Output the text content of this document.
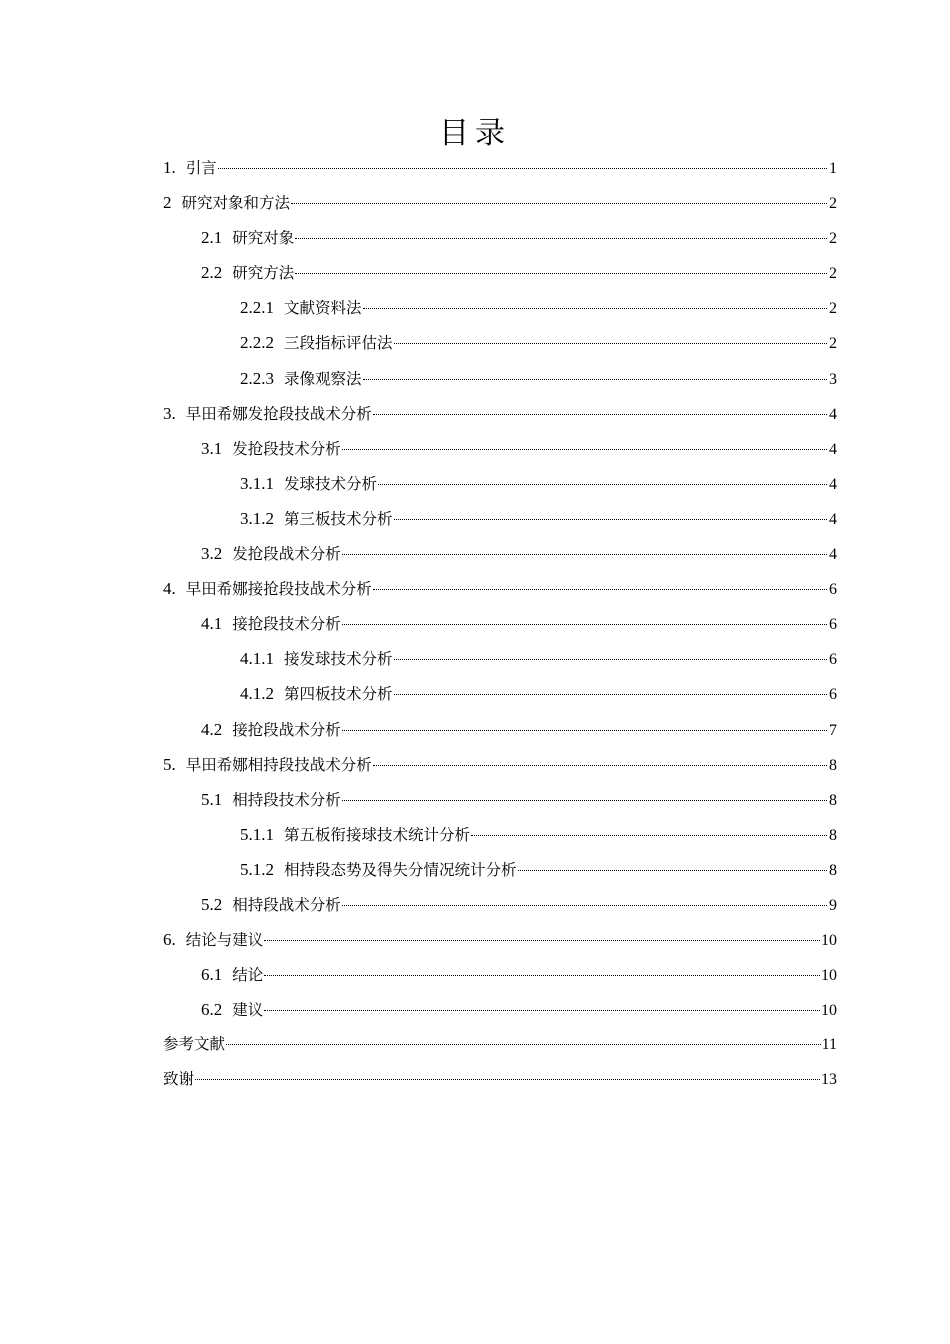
目录
1. 引言	1
2 研究对象和方法	2
2.1 研究对象	2
2.2 研究方法	2
2.2.1 文献资料法	2
2.2.2 三段指标评估法	2
2.2.3 录像观察法	3
3. 早田希娜发抢段技战术分析	4
3.1 发抢段技术分析	4
3.1.1 发球技术分析	4
3.1.2 第三板技术分析	4
3.2 发抢段战术分析	4
4. 早田希娜接抢段技战术分析	6
4.1 接抢段技术分析	6
4.1.1 接发球技术分析	6
4.1.2 第四板技术分析	6
4.2 接抢段战术分析	7
5. 早田希娜相持段技战术分析	8
5.1 相持段技术分析	8
5.1.1 第五板衔接球技术统计分析	8
5.1.2 相持段态势及得失分情况统计分析	8
5.2 相持段战术分析	9
6. 结论与建议	10
6.1 结论	10
6.2 建议	10
参考文献	11
致谢	13
